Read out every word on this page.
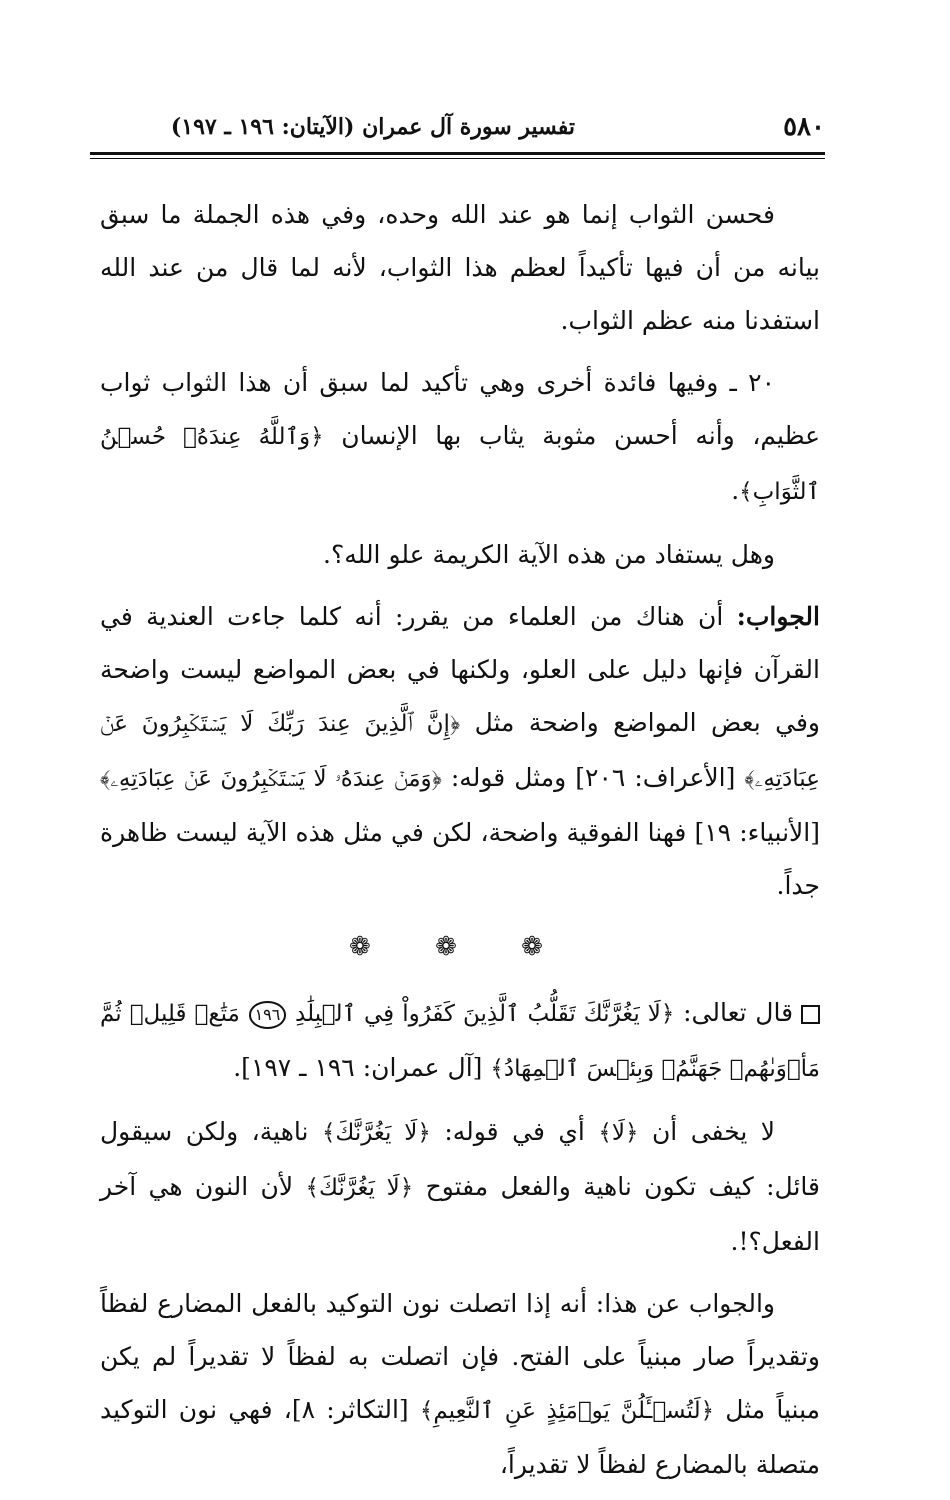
تفسير سورة آل عمران (الآيتان: ١٩٦ ـ ١٩٧)	٥٨٠

فحسن الثواب إنما هو عند الله وحده، وفي هذه الجملة ما سبق بيانه من أن فيها تأكيداً لعظم هذا الثواب، لأنه لما قال من عند الله استفدنا منه عظم الثواب.

٢٠ ـ وفيها فائدة أخرى وهي تأكيد لما سبق أن هذا الثواب ثواب عظيم، وأنه أحسن مثوبة يثاب بها الإنسان ﴿وَٱللَّهُ عِندَهُۥ حُسۡنُ ٱلثَّوَابِ﴾.

وهل يستفاد من هذه الآية الكريمة علو الله؟.

الجواب: أن هناك من العلماء من يقرر: أنه كلما جاءت العندية في القرآن فإنها دليل على العلو، ولكنها في بعض المواضع ليست واضحة وفي بعض المواضع واضحة مثل ﴿إِنَّ ٱلَّذِينَ عِندَ رَبِّكَ لَا يَسۡتَكۡبِرُونَ عَنۡ عِبَادَتِهِۦ﴾ [الأعراف: ٢٠٦] ومثل قوله: ﴿وَمَنۡ عِندَهُۥ لَا يَسۡتَكۡبِرُونَ عَنۡ عِبَادَتِهِۦ﴾ [الأنبياء: ١٩] فهنا الفوقية واضحة، لكن في مثل هذه الآية ليست ظاهرة جداً.

❁ ❁ ❁

قال تعالى: ﴿لَا يَغُرَّنَّكَ تَقَلُّبُ ٱلَّذِينَ كَفَرُواْ فِي ٱلۡبِلَٰدِ ١٩٦ مَتَٰعٞ قَلِيلٞ ثُمَّ مَأۡوَىٰهُمۡ جَهَنَّمُۚ وَبِئۡسَ ٱلۡمِهَادُ﴾ [آل عمران: ١٩٦ ـ ١٩٧].

لا يخفى أن ﴿لَا﴾ أي في قوله: ﴿لَا يَغُرَّنَّكَ﴾ ناهية، ولكن سيقول قائل: كيف تكون ناهية والفعل مفتوح ﴿لَا يَغُرَّنَّكَ﴾ لأن النون هي آخر الفعل؟!.

والجواب عن هذا: أنه إذا اتصلت نون التوكيد بالفعل المضارع لفظاً وتقديراً صار مبنياً على الفتح. فإن اتصلت به لفظاً لا تقديراً لم يكن مبنياً مثل ﴿لَتُسۡـَٔلُنَّ يَوۡمَئِذٍ عَنِ ٱلنَّعِيمِ﴾ [التكاثر: ٨]، فهي نون التوكيد متصلة بالمضارع لفظاً لا تقديراً،
